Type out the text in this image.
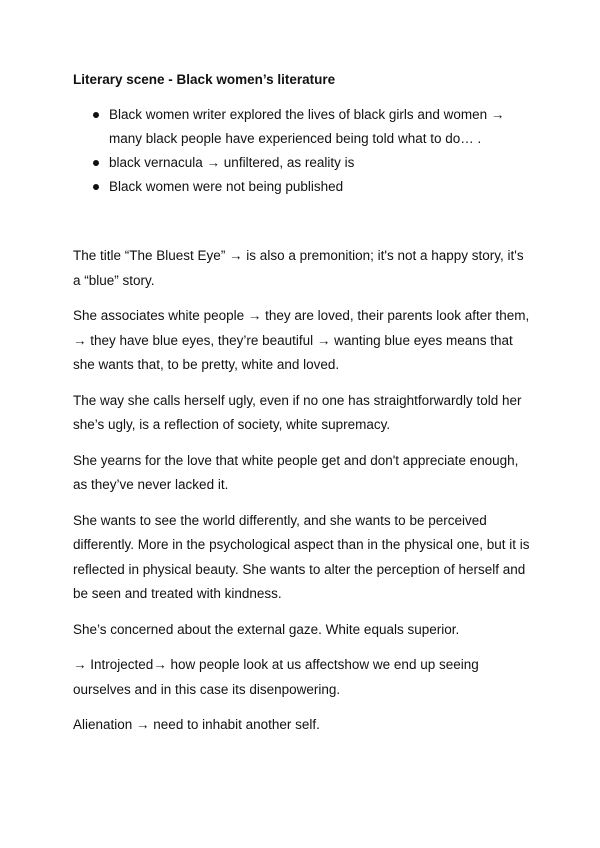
Literary scene - Black women’s literature
Black women writer explored the lives of black girls and women → many black people have experienced being told what to do… .
black vernacula → unfiltered, as reality is
Black women were not being published

The title “The Bluest Eye” → is also a premonition; it's not a happy story, it's a “blue” story.

She associates white people → they are loved, their parents look after them, → they have blue eyes, they’re beautiful → wanting blue eyes means that she wants that, to be pretty, white and loved.

The way she calls herself ugly, even if no one has straightforwardly told her she’s ugly, is a reflection of society, white supremacy.

She yearns for the love that white people get and don't appreciate enough, as they’ve never lacked it.

She wants to see the world differently, and she wants to be perceived differently. More in the psychological aspect than in the physical one, but it is reflected in physical beauty. She wants to alter the perception of herself and be seen and treated with kindness.

She’s concerned about the external gaze. White equals superior.

→ Introjected→ how people look at us affectshow we end up seeing ourselves and in this case its disenpowering.

Alienation → need to inhabit another self.
